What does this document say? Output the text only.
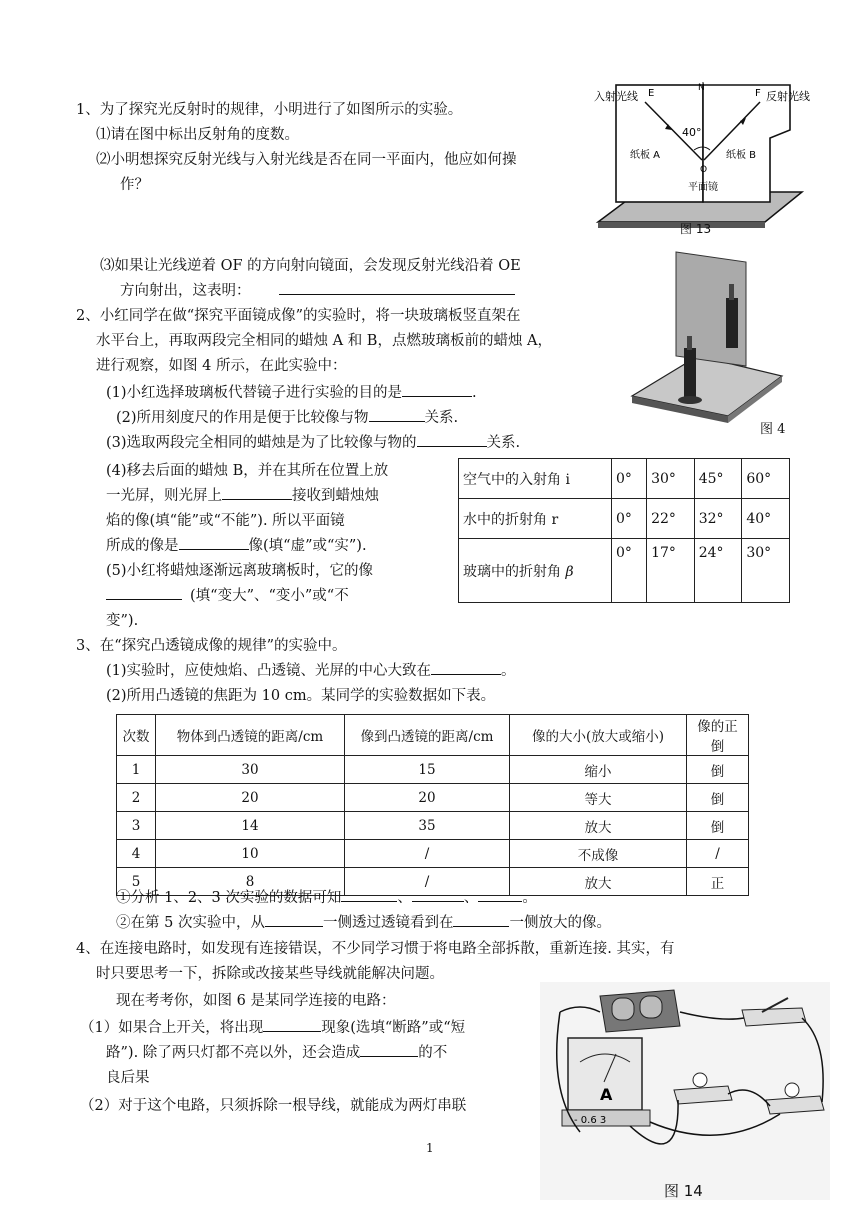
1、为了探究光反射时的规律，小明进行了如图所示的实验。
⑴请在图中标出反射角的度数。
⑵小明想探究反射光线与入射光线是否在同一平面内，他应如何操
作？
⑶如果让光线逆着 OF 的方向射向镜面，会发现反射光线沿着 OE
方向射出，这表明：
入射光线	反射光线
E	F
N
O
40°
纸板 A	纸板 B
平面镜
图 13
2、小红同学在做“探究平面镜成像”的实验时，将一块玻璃板竖直架在
水平台上，再取两段完全相同的蜡烛 A 和 B，点燃玻璃板前的蜡烛 A，
进行观察，如图 4 所示，在此实验中：
(1)小红选择玻璃板代替镜子进行实验的目的是	.
(2)所用刻度尺的作用是便于比较像与物	关系.
(3)选取两段完全相同的蜡烛是为了比较像与物的	关系.
(4)移去后面的蜡烛 B，并在其所在位置上放
一光屏，则光屏上	接收到蜡烛烛
焰的像(填“能”或“不能”). 所以平面镜
所成的像是	像(填“虚”或“实”).
(5)小红将蜡烛逐渐远离玻璃板时，它的像
(填“变大”、“变小”或“不
变”).
图 4
空气中的入射角 i	0°	30°	45°	60°
水中的折射角 r	0°	22°	32°	40°
玻璃中的折射角 β	0°	17°	24°	30°
3、在“探究凸透镜成像的规律”的实验中。
(1)实验时，应使烛焰、凸透镜、光屏的中心大致在	。
(2)所用凸透镜的焦距为 10 cm。某同学的实验数据如下表。
次数	物体到凸透镜的距离/cm	像到凸透镜的距离/cm	像的大小(放大或缩小)	像的正倒
1	30	15	缩小	倒
2	20	20	等大	倒
3	14	35	放大	倒
4	10	/	不成像	/
5	8	/	放大	正
①分析 1、2、3 次实验的数据可知	、	、	。
②在第 5 次实验中，从	一侧透过透镜看到在	一侧放大的像。
4、在连接电路时，如发现有连接错误，不少同学习惯于将电路全部拆散，重新连接. 其实，有
时只要思考一下，拆除或改接某些导线就能解决问题。
现在考考你，如图 6 是某同学连接的电路：
（1）如果合上开关，将出现	现象(选填“断路”或“短
路”). 除了两只灯都不亮以外，还会造成	的不
良后果
（2）对于这个电路，只须拆除一根导线，就能成为两灯串联
A
- 0.6 3
图 14
1
